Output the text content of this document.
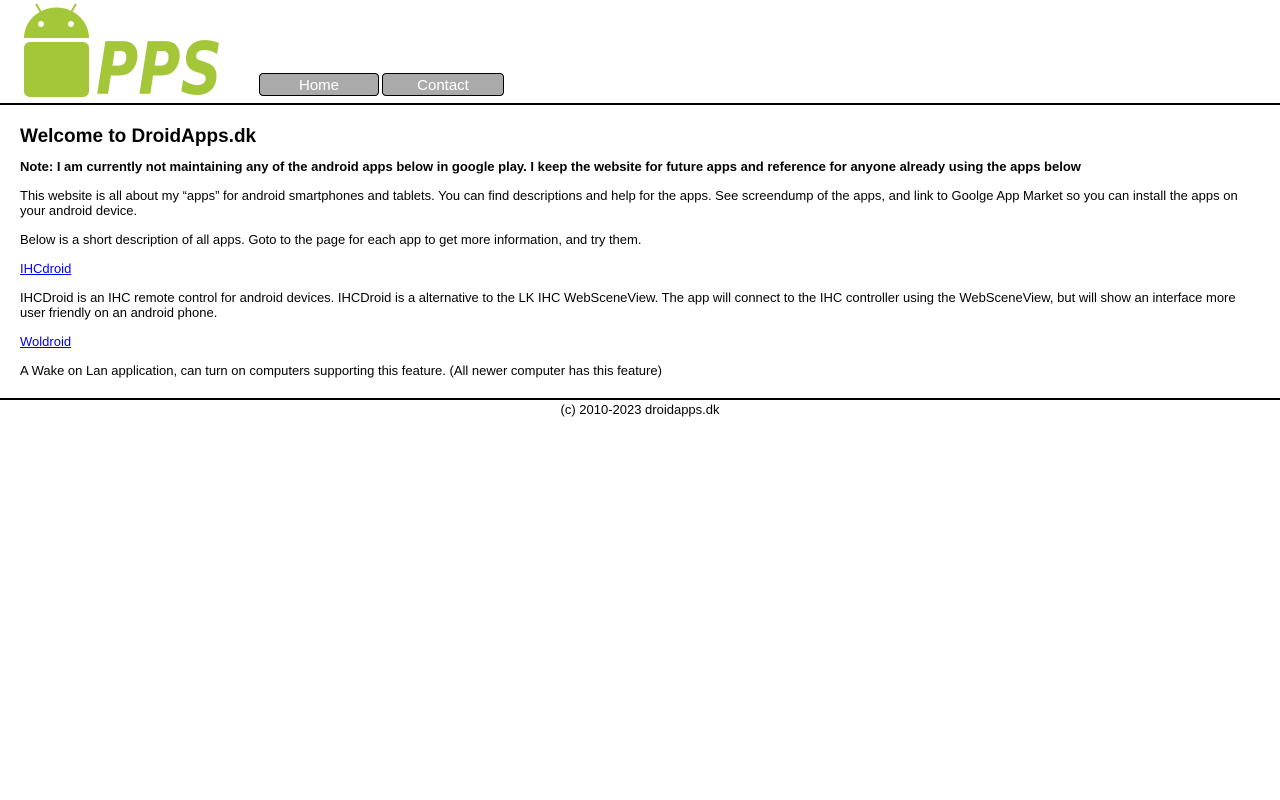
PPS	Home	Contact
Welcome to DroidApps.dk

Note: I am currently not maintaining any of the android apps below in google play. I keep the website for future apps and reference for anyone already using the apps below

This website is all about my “apps” for android smartphones and tablets. You can find descriptions and help for the apps. See screendump of the apps, and link to Goolge App Market so you can install the apps on your android device.

Below is a short description of all apps. Goto to the page for each app to get more information, and try them.

IHCdroid

IHCDroid is an IHC remote control for android devices. IHCDroid is a alternative to the LK IHC WebSceneView. The app will connect to the IHC controller using the WebSceneView, but will show an interface more user friendly on an android phone.

Woldroid

A Wake on Lan application, can turn on computers supporting this feature. (All newer computer has this feature)

(c) 2010-2023 droidapps.dk
